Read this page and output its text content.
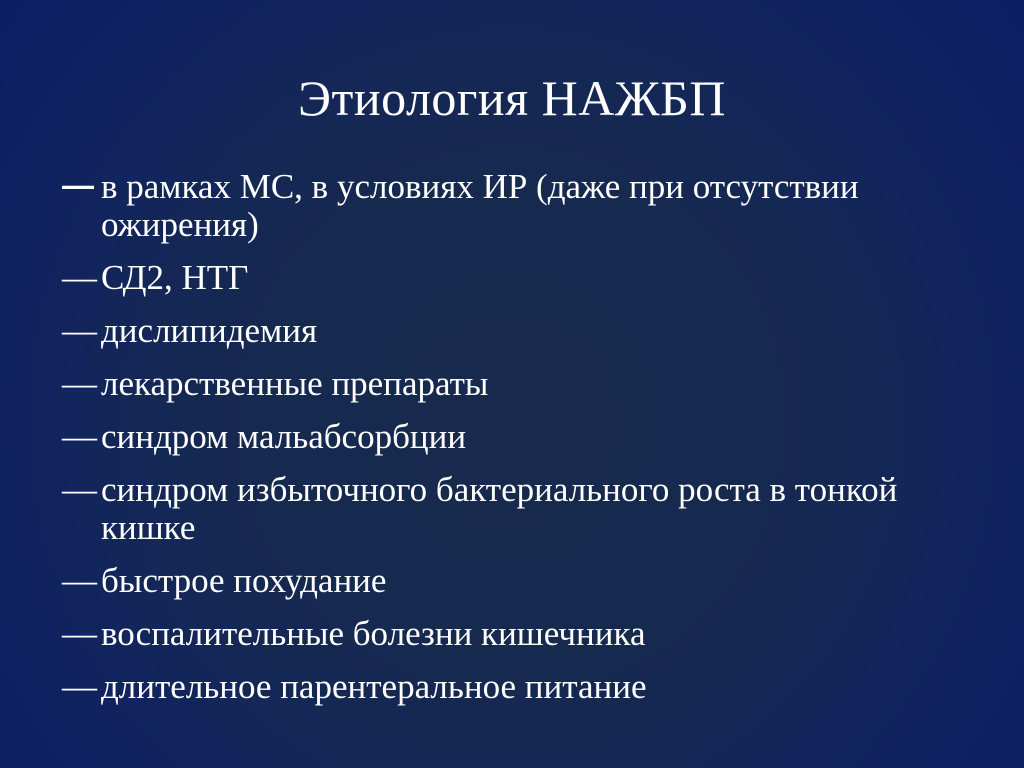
Этиология НАЖБП
— в рамках МС, в условиях ИР (даже при отсутствии ожирения)
— СД2, НТГ
— дислипидемия
— лекарственные препараты
— синдром мальабсорбции
— синдром избыточного бактериального роста в тонкой кишке
— быстрое похудание
— воспалительные болезни кишечника
— длительное парентеральное питание
